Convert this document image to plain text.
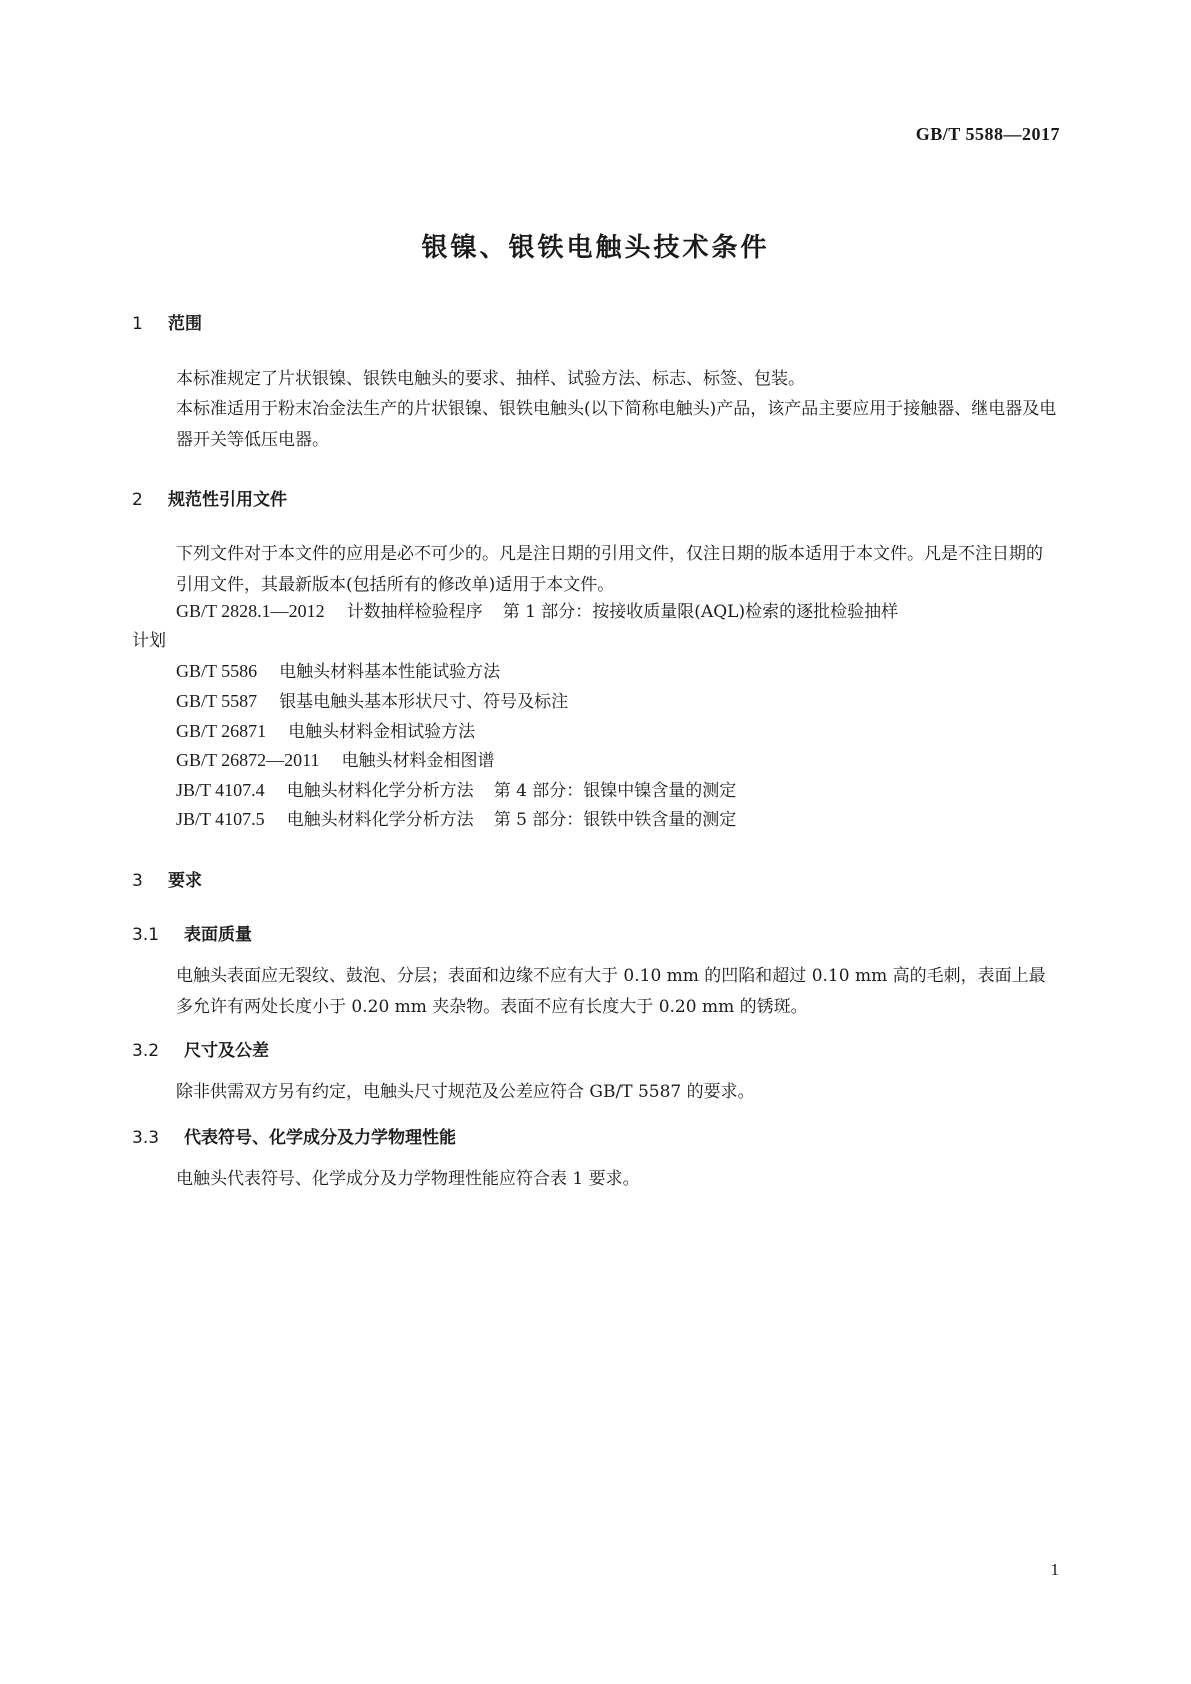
GB/T 5588—2017
银镍、银铁电触头技术条件
1 范围
本标准规定了片状银镍、银铁电触头的要求、抽样、试验方法、标志、标签、包装。
本标准适用于粉末冶金法生产的片状银镍、银铁电触头(以下简称电触头)产品，该产品主要应用于接触器、继电器及电器开关等低压电器。
2 规范性引用文件
下列文件对于本文件的应用是必不可少的。凡是注日期的引用文件，仅注日期的版本适用于本文件。凡是不注日期的引用文件，其最新版本(包括所有的修改单)适用于本文件。
GB/T 2828.1—2012 计数抽样检验程序 第 1 部分：按接收质量限(AQL)检索的逐批检验抽样
计划
GB/T 5586 电触头材料基本性能试验方法
GB/T 5587 银基电触头基本形状尺寸、符号及标注
GB/T 26871 电触头材料金相试验方法
GB/T 26872—2011 电触头材料金相图谱
JB/T 4107.4 电触头材料化学分析方法 第 4 部分：银镍中镍含量的测定
JB/T 4107.5 电触头材料化学分析方法 第 5 部分：银铁中铁含量的测定
3 要求
3.1 表面质量
电触头表面应无裂纹、鼓泡、分层；表面和边缘不应有大于 0.10 mm 的凹陷和超过 0.10 mm 高的毛刺，表面上最多允许有两处长度小于 0.20 mm 夹杂物。表面不应有长度大于 0.20 mm 的锈斑。
3.2 尺寸及公差
除非供需双方另有约定，电触头尺寸规范及公差应符合 GB/T 5587 的要求。
3.3 代表符号、化学成分及力学物理性能
电触头代表符号、化学成分及力学物理性能应符合表 1 要求。
1
